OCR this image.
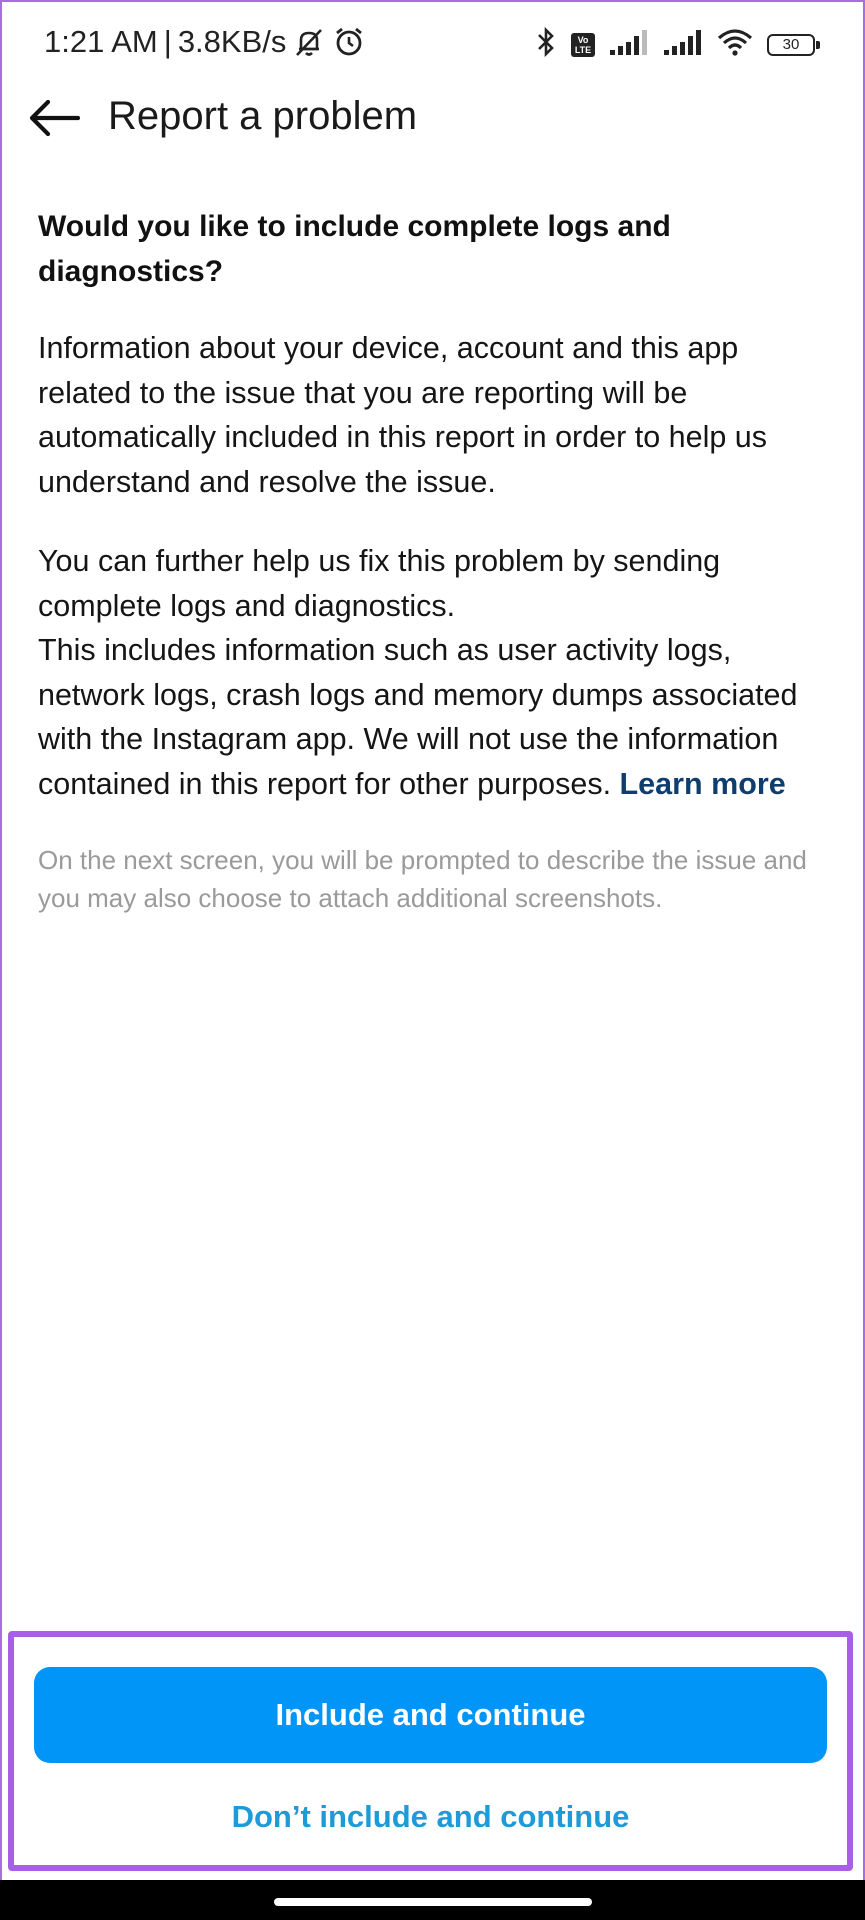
1:21 AM | 3.8KB/s	Vo
LTE	30
Report a problem

Would you like to include complete logs and diagnostics?

Information about your device, account and this app related to the issue that you are reporting will be automatically included in this report in order to help us understand and resolve the issue.

You can further help us fix this problem by sending complete logs and diagnostics.
This includes information such as user activity logs, network logs, crash logs and memory dumps associated with the Instagram app. We will not use the information contained in this report for other purposes. Learn more

On the next screen, you will be prompted to describe the issue and you may also choose to attach additional screenshots.

Include and continue
Don’t include and continue
